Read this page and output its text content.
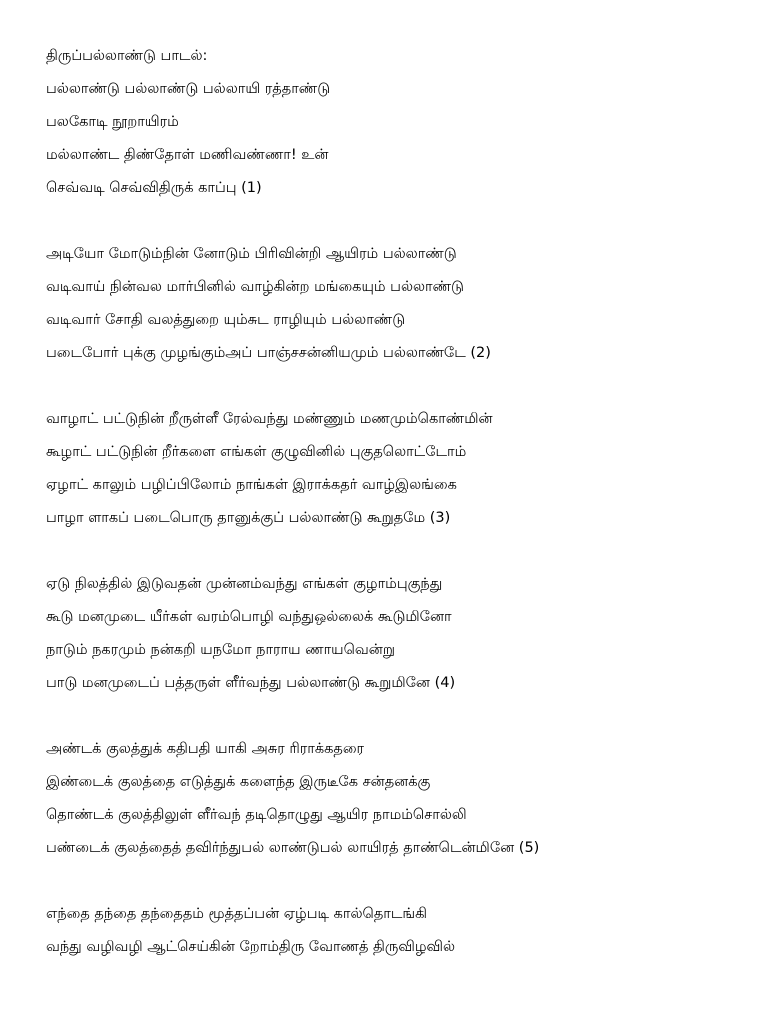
திருப்பல்லாண்டு பாடல்:
பல்லாண்டு பல்லாண்டு பல்லாயி ரத்தாண்டு
பலகோடி நூறாயிரம்
மல்லாண்ட திண்தோள் மணிவண்ணா! உன்
செவ்வடி செவ்விதிருக் காப்பு (1)
அடியோ மோடும்நின் னோடும் பிரிவின்றி ஆயிரம் பல்லாண்டு
வடிவாய் நின்வல மார்பினில் வாழ்கின்ற மங்கையும் பல்லாண்டு
வடிவார் சோதி வலத்துறை யும்சுட ராழியும் பல்லாண்டு
படைபோர் புக்கு முழங்கும்அப் பாஞ்சசன்னியமும் பல்லாண்டே (2)
வாழாட் பட்டுநின் றீருள்ளீ ரேல்வந்து மண்ணும் மணமும்கொண்மின்
கூழாட் பட்டுநின் றீர்களை எங்கள் குழுவினில் புகுதலொட்டோம்
ஏழாட் காலும் பழிப்பிலோம் நாங்கள் இராக்கதர் வாழ்இலங்கை
பாழா ளாகப் படைபொரு தானுக்குப் பல்லாண்டு கூறுதமே (3)
ஏடு நிலத்தில் இடுவதன் முன்னம்வந்து எங்கள் குழாம்புகுந்து
கூடு மனமுடை யீர்கள் வரம்பொழி வந்துஒல்லைக் கூடுமினோ
நாடும் நகரமும் நன்கறி யநமோ நாராய ணாயவென்று
பாடு மனமுடைப் பத்தருள் ளீர்வந்து பல்லாண்டு கூறுமினே (4)
அண்டக் குலத்துக் கதிபதி யாகி அசுர ரிராக்கதரை
இண்டைக் குலத்தை எடுத்துக் களைந்த இருடீகே சன்தனக்கு
தொண்டக் குலத்திலுள் ளீர்வந் தடிதொழுது ஆயிர நாமம்சொல்லி
பண்டைக் குலத்தைத் தவிர்ந்துபல் லாண்டுபல் லாயிரத் தாண்டென்மினே (5)
எந்தை தந்தை தந்தைதம் மூத்தப்பன் ஏழ்படி கால்தொடங்கி
வந்து வழிவழி ஆட்செய்கின் றோம்திரு வோணத் திருவிழவில்
